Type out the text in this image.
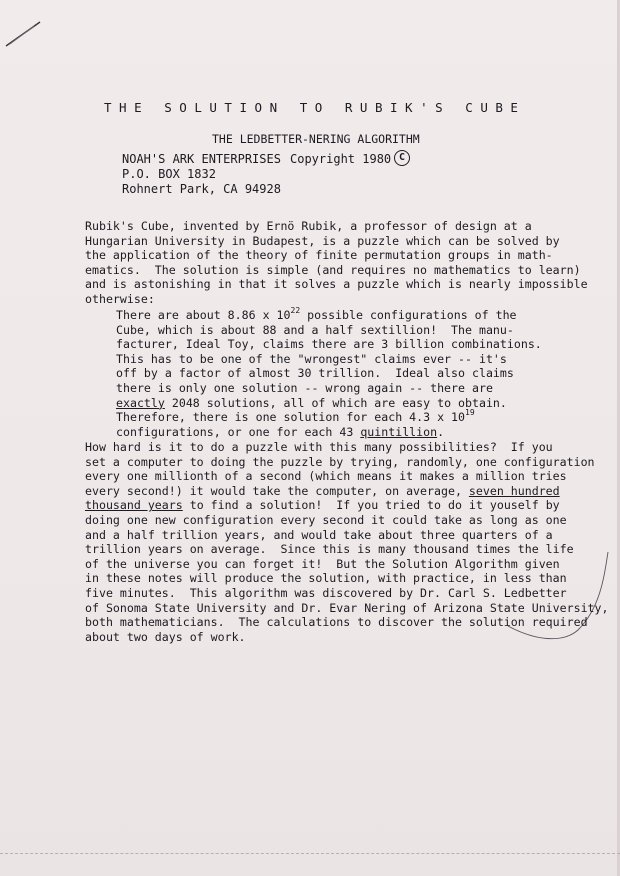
T H E S O L U T I O N T O R U B I K ' S C U B E
THE LEDBETTER-NERING ALGORITHM
NOAH'S ARK ENTERPRISES
P.O. BOX 1832
Rohnert Park, CA 94928
Copyright 1980 C
Rubik's Cube, invented by Ernö Rubik, a professor of design at a
Hungarian University in Budapest, is a puzzle which can be solved by
the application of the theory of finite permutation groups in math-
ematics.  The solution is simple (and requires no mathematics to learn)
and is astonishing in that it solves a puzzle which is nearly impossible
otherwise:
There are about 8.86 x $10^{22}$ possible configurations of the
Cube, which is about 88 and a half sextillion!  The manu-
facturer, Ideal Toy, claims there are 3 billion combinations.
This has to be one of the "wrongest" claims ever -- it's
off by a factor of almost 30 trillion.  Ideal also claims
there is only one solution -- wrong again -- there are
exactly 2048 solutions, all of which are easy to obtain.
Therefore, there is one solution for each 4.3 x $10^{19}$
configurations, or one for each 43 quintillion.
How hard is it to do a puzzle with this many possibilities?  If you
set a computer to doing the puzzle by trying, randomly, one configuration
every one millionth of a second (which means it makes a million tries
every second!) it would take the computer, on average, seven hundred
thousand years to find a solution!  If you tried to do it youself by
doing one new configuration every second it could take as long as one
and a half trillion years, and would take about three quarters of a
trillion years on average.  Since this is many thousand times the life
of the universe you can forget it!  But the Solution Algorithm given
in these notes will produce the solution, with practice, in less than
five minutes.  This algorithm was discovered by Dr. Carl S. Ledbetter
of Sonoma State University and Dr. Evar Nering of Arizona State University,
both mathematicians.  The calculations to discover the solution required
about two days of work.
